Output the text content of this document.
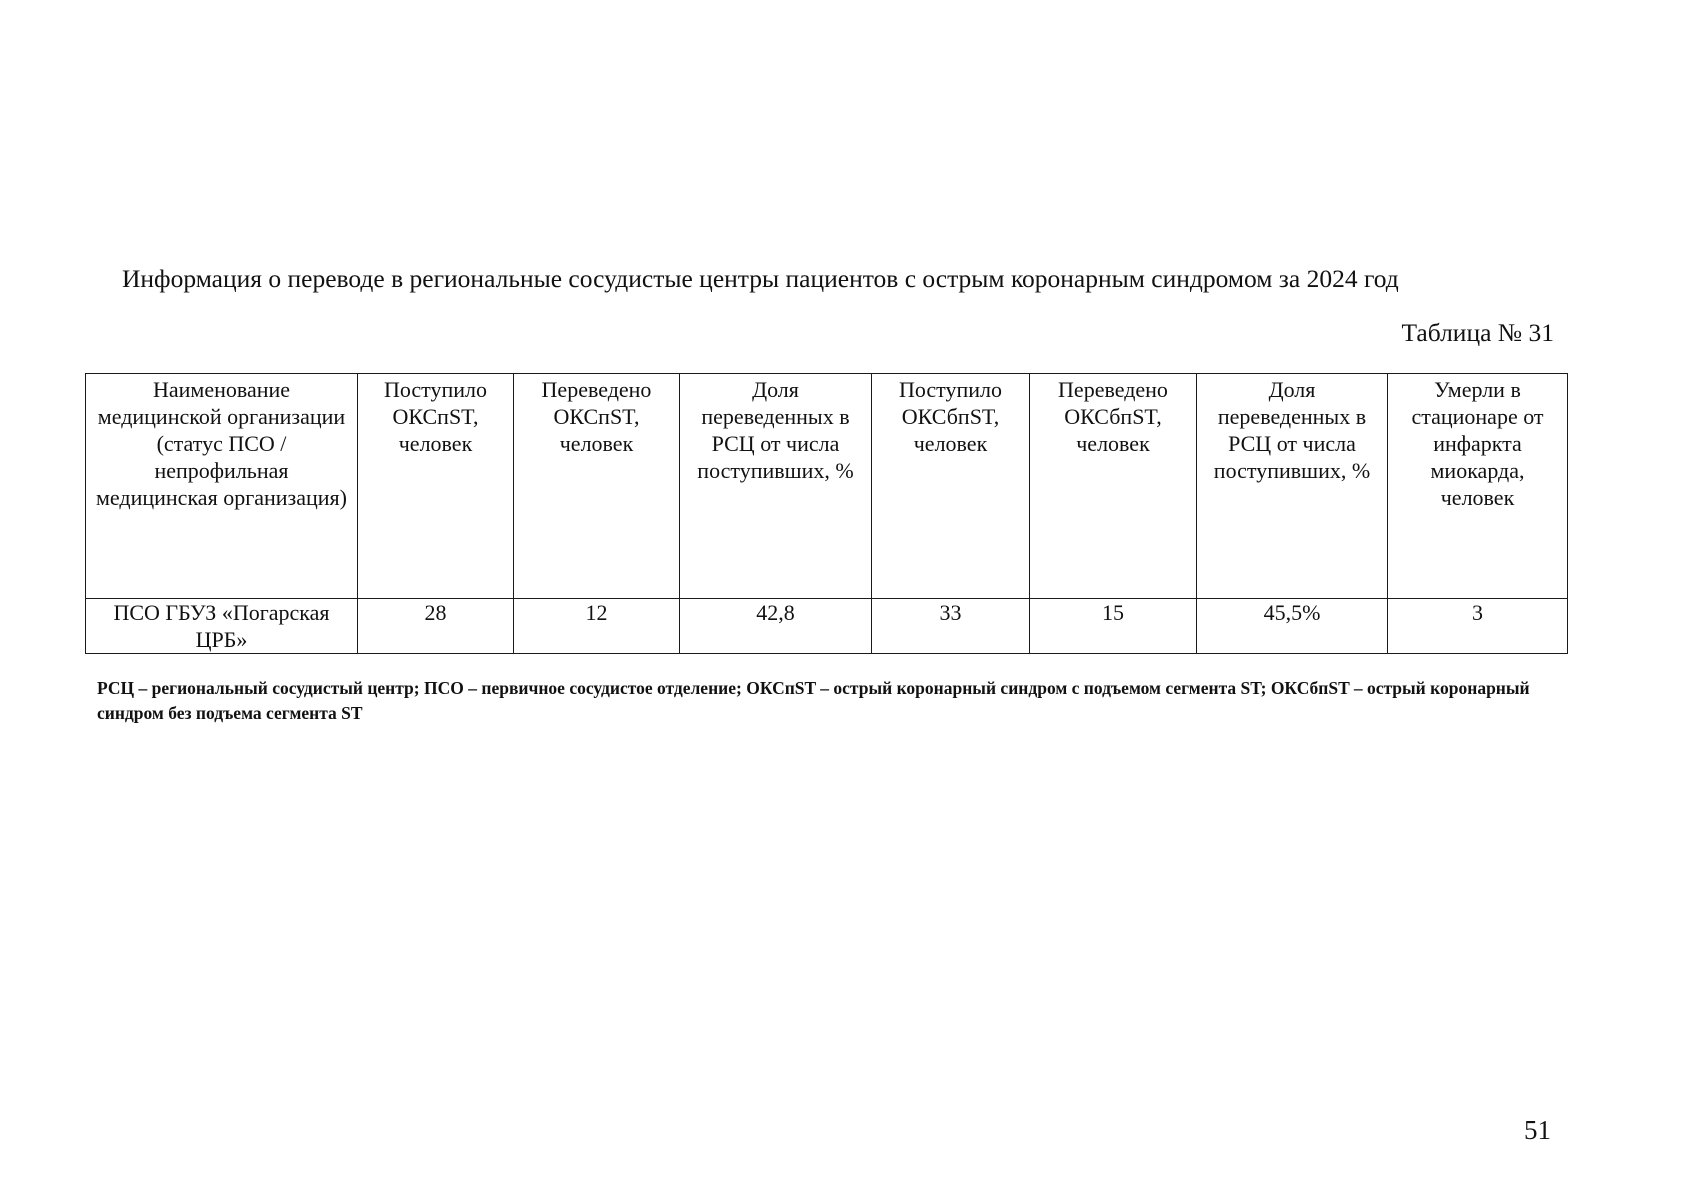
Информация о переводе в региональные сосудистые центры пациентов с острым коронарным синдромом за 2024 год
Таблица № 31
Наименование медицинской организации (статус ПСО / непрофильная медицинская организация)	Поступило ОКСпST, человек	Переведено ОКСпST, человек	Доля переведенных в РСЦ от числа поступивших, %	Поступило ОКСбпST, человек	Переведено ОКСбпST, человек	Доля переведенных в РСЦ от числа поступивших, %	Умерли в стационаре от инфаркта миокарда, человек
ПСО ГБУЗ «Погарская ЦРБ»	28	12	42,8	33	15	45,5%	3
РСЦ – региональный сосудистый центр; ПСО – первичное сосудистое отделение; ОКСпST – острый коронарный синдром с подъемом сегмента ST; ОКСбпST – острый коронарный синдром без подъема сегмента ST
51
